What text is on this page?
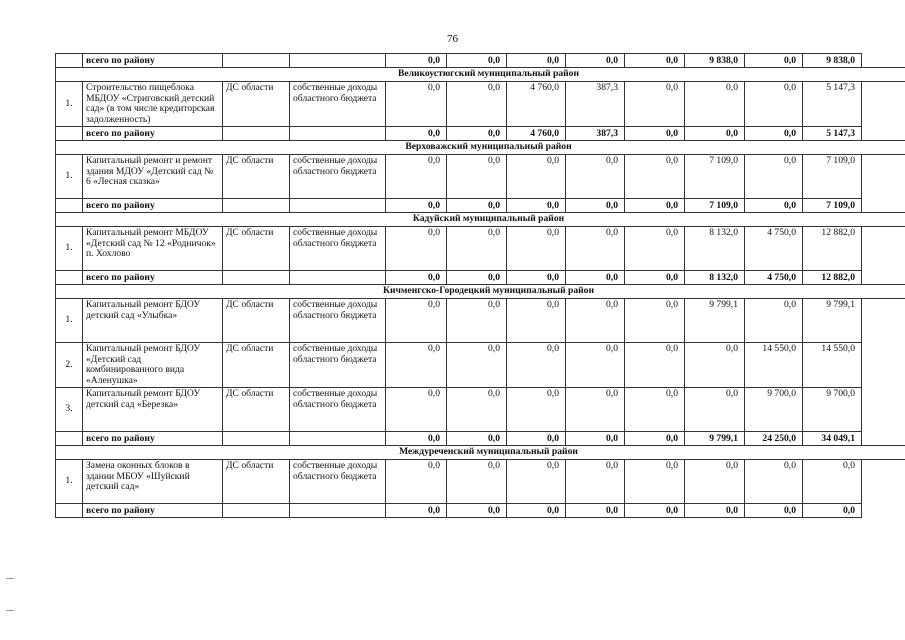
76
	всего по району			0,0	0,0	0,0	0,0	0,0	9 838,0	0,0	9 838,0
Великоустюгский муниципальный район											
1.	Строительство пищеблока МБДОУ «Стриговский детский сад» (в том числе кредиторская задолженность)	ДС области	собственные доходы областного бюджета	0,0	0,0	4 760,0	387,3	0,0	0,0	0,0	5 147,3
	всего по району			0,0	0,0	4 760,0	387,3	0,0	0,0	0,0	5 147,3
Верховажский муниципальный район											
1.	Капитальный ремонт и ремонт здания МДОУ «Детский сад № 6 «Лесная сказка»	ДС области	собственные доходы областного бюджета	0,0	0,0	0,0	0,0	0,0	7 109,0	0,0	7 109,0
	всего по району			0,0	0,0	0,0	0,0	0,0	7 109,0	0,0	7 109,0
Кадуйский муниципальный район											
1.	Капитальный ремонт МБДОУ «Детский сад № 12 «Родничок» п. Хохлово	ДС области	собственные доходы областного бюджета	0,0	0,0	0,0	0,0	0,0	8 132,0	4 750,0	12 882,0
	всего по району			0,0	0,0	0,0	0,0	0,0	8 132,0	4 750,0	12 882,0
Кичменгско-Городецкий муниципальный район											
1.	Капитальный ремонт БДОУ детский сад «Улыбка»	ДС области	собственные доходы областного бюджета	0,0	0,0	0,0	0,0	0,0	9 799,1	0,0	9 799,1
2.	Капитальный ремонт БДОУ «Детский сад комбинированного вида «Аленушка»	ДС области	собственные доходы областного бюджета	0,0	0,0	0,0	0,0	0,0	0,0	14 550,0	14 550,0
3.	Капитальный ремонт БДОУ детский сад «Березка»	ДС области	собственные доходы областного бюджета	0,0	0,0	0,0	0,0	0,0	0,0	9 700,0	9 700,0
	всего по району			0,0	0,0	0,0	0,0	0,0	9 799,1	24 250,0	34 049,1
Междуреченский муниципальный район											
1.	Замена оконных блоков в здании МБОУ «Шуйский детский сад»	ДС области	собственные доходы областного бюджета	0,0	0,0	0,0	0,0	0,0	0,0	0,0	0,0
	всего по району			0,0	0,0	0,0	0,0	0,0	0,0	0,0	0,0
